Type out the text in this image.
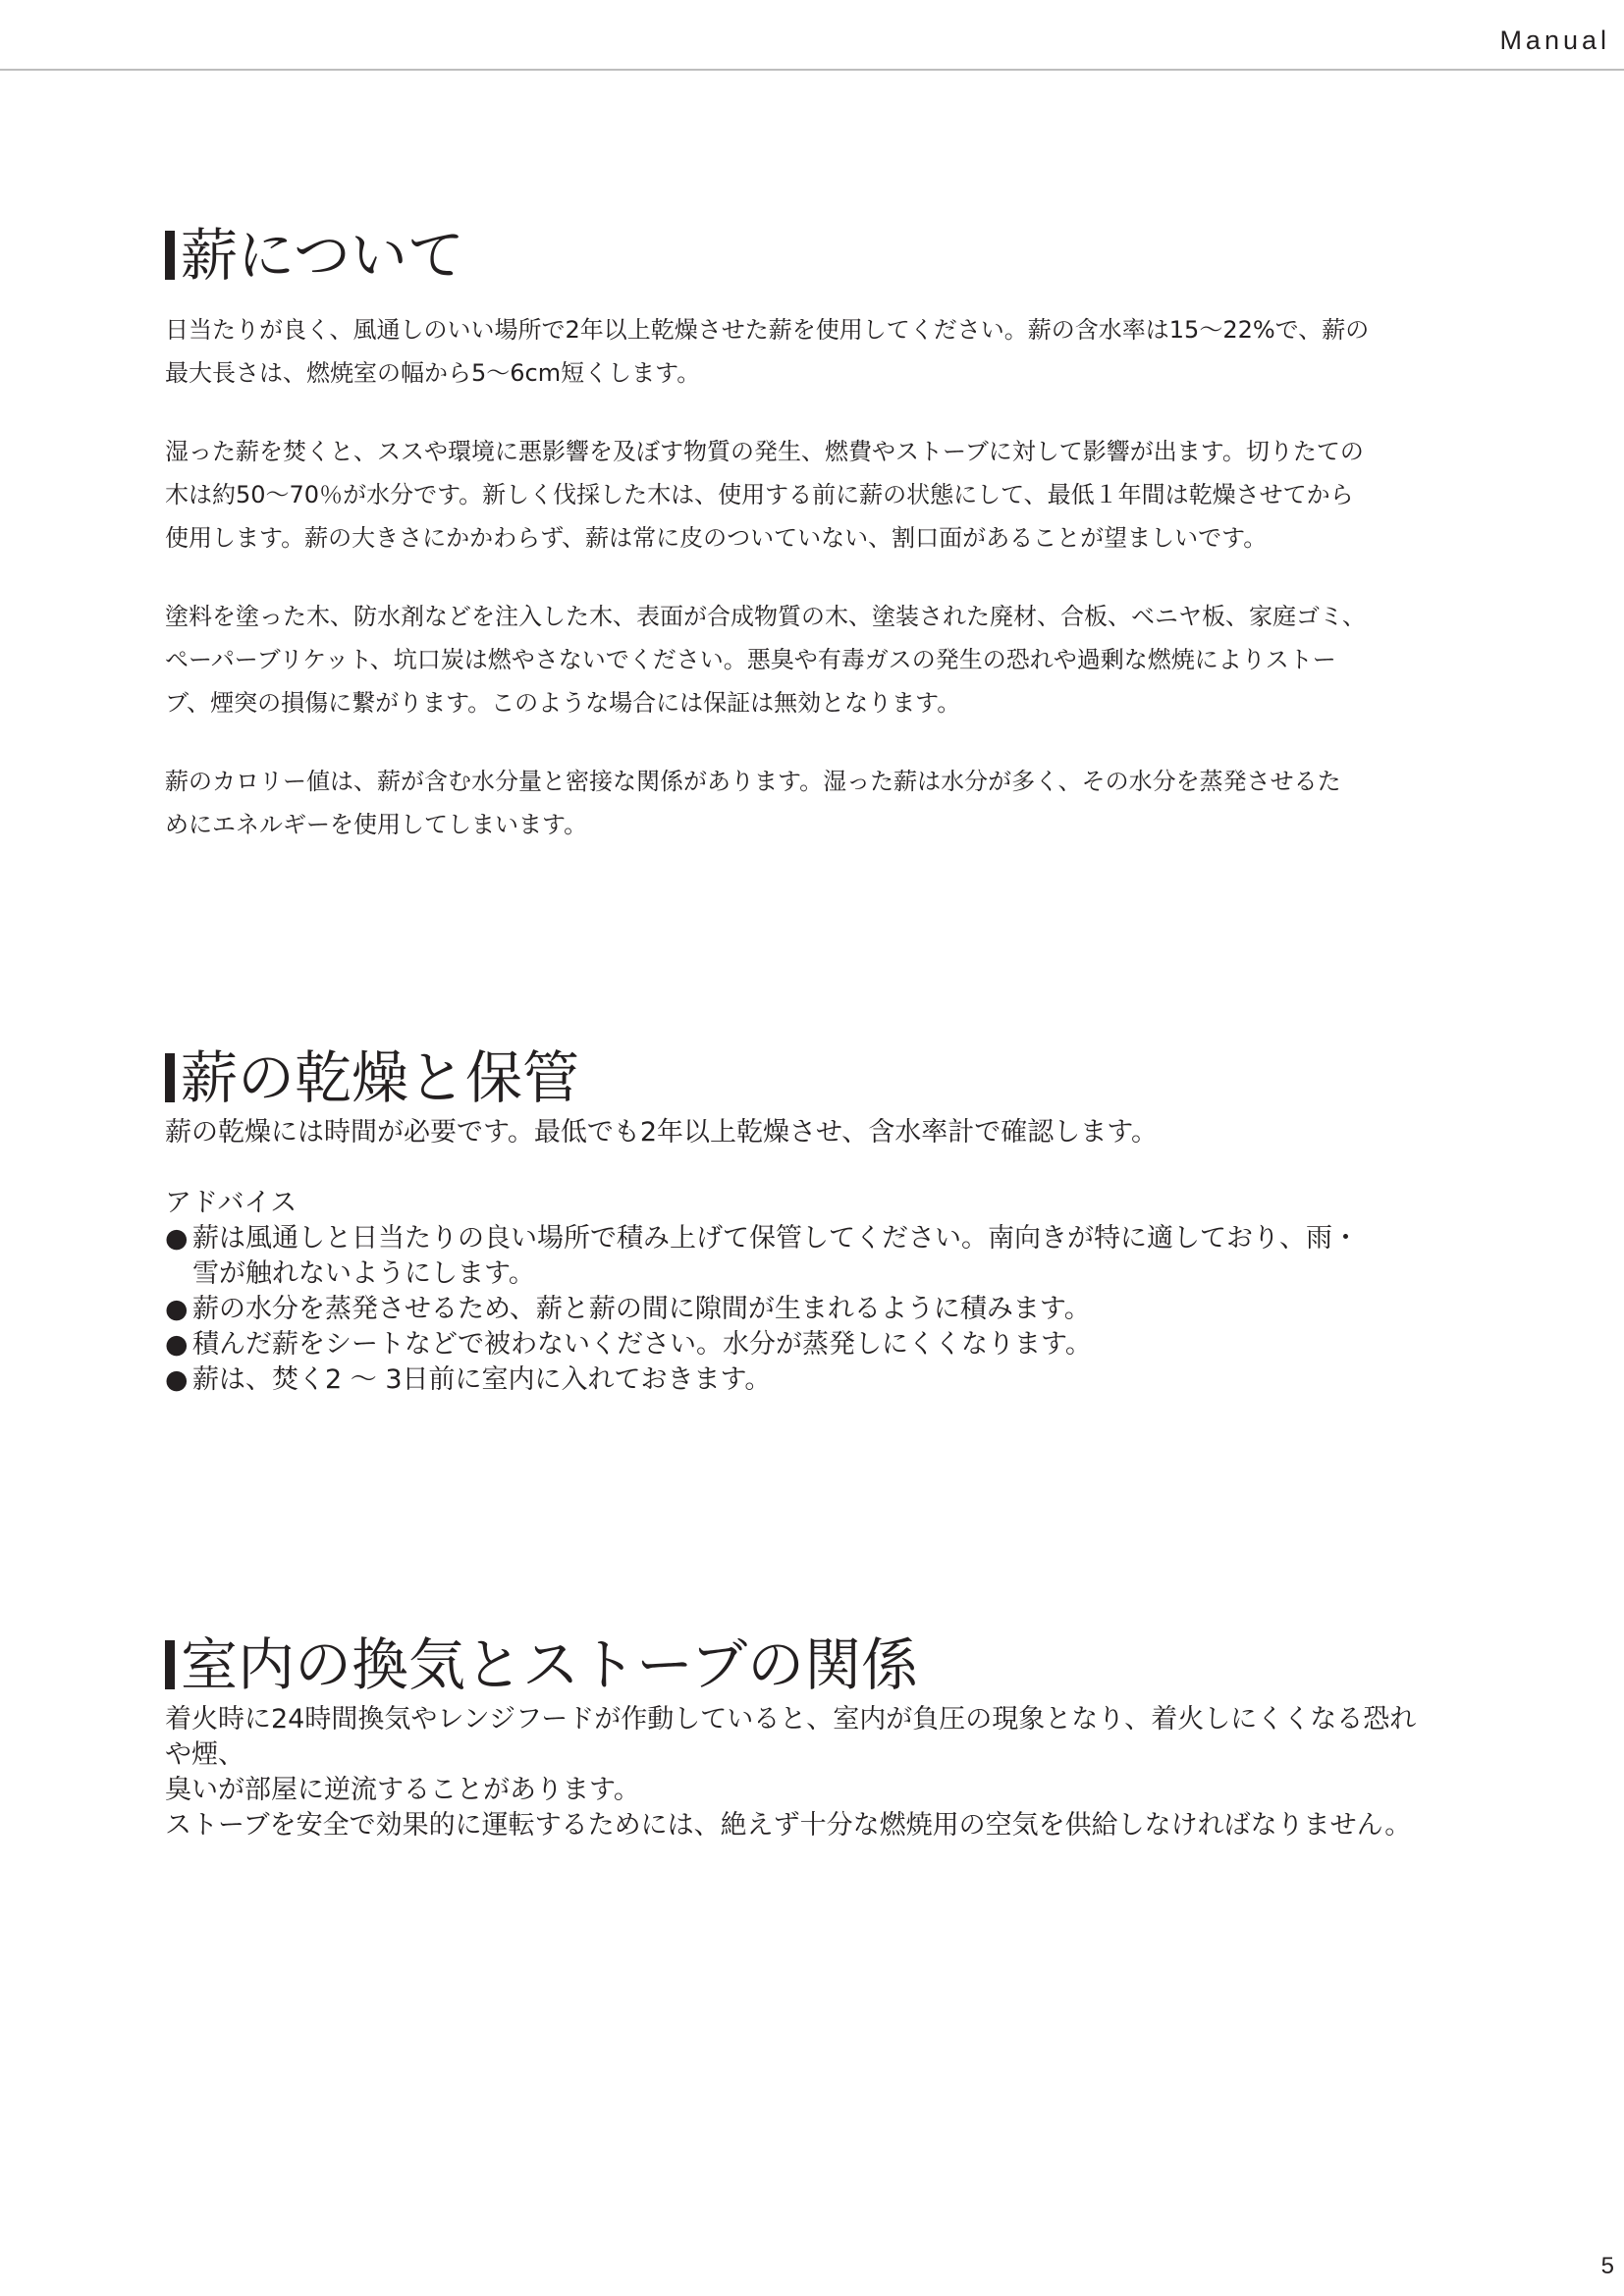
Manual
薪について

日当たりが良く、風通しのいい場所で2年以上乾燥させた薪を使用してください。薪の含水率は15～22%で、薪の
最大長さは、燃焼室の幅から5～6cm短くします。

湿った薪を焚くと、ススや環境に悪影響を及ぼす物質の発生、燃費やストーブに対して影響が出ます。切りたての
木は約50～70％が水分です。新しく伐採した木は、使用する前に薪の状態にして、最低１年間は乾燥させてから
使用します。薪の大きさにかかわらず、薪は常に皮のついていない、割口面があることが望ましいです。

塗料を塗った木、防水剤などを注入した木、表面が合成物質の木、塗装された廃材、合板、ベニヤ板、家庭ゴミ、
ペーパーブリケット、坑口炭は燃やさないでください。悪臭や有毒ガスの発生の恐れや過剰な燃焼によりストー
ブ、煙突の損傷に繋がります。このような場合には保証は無効となります。

薪のカロリー値は、薪が含む水分量と密接な関係があります。湿った薪は水分が多く、その水分を蒸発させるた
めにエネルギーを使用してしまいます。

薪の乾燥と保管

薪の乾燥には時間が必要です。最低でも2年以上乾燥させ、含水率計で確認します。

アドバイス

● 薪は風通しと日当たりの良い場所で積み上げて保管してください。南向きが特に適しており、雨・
雪が触れないようにします。
● 薪の水分を蒸発させるため、薪と薪の間に隙間が生まれるように積みます。
● 積んだ薪をシートなどで被わないください。水分が蒸発しにくくなります。
● 薪は、焚く2 ～ 3日前に室内に入れておきます。
室内の換気とストーブの関係

着火時に24時間換気やレンジフードが作動していると、室内が負圧の現象となり、着火しにくくなる恐れや煙、
臭いが部屋に逆流することがあります。
ストーブを安全で効果的に運転するためには、絶えず十分な燃焼用の空気を供給しなければなりません。

5
